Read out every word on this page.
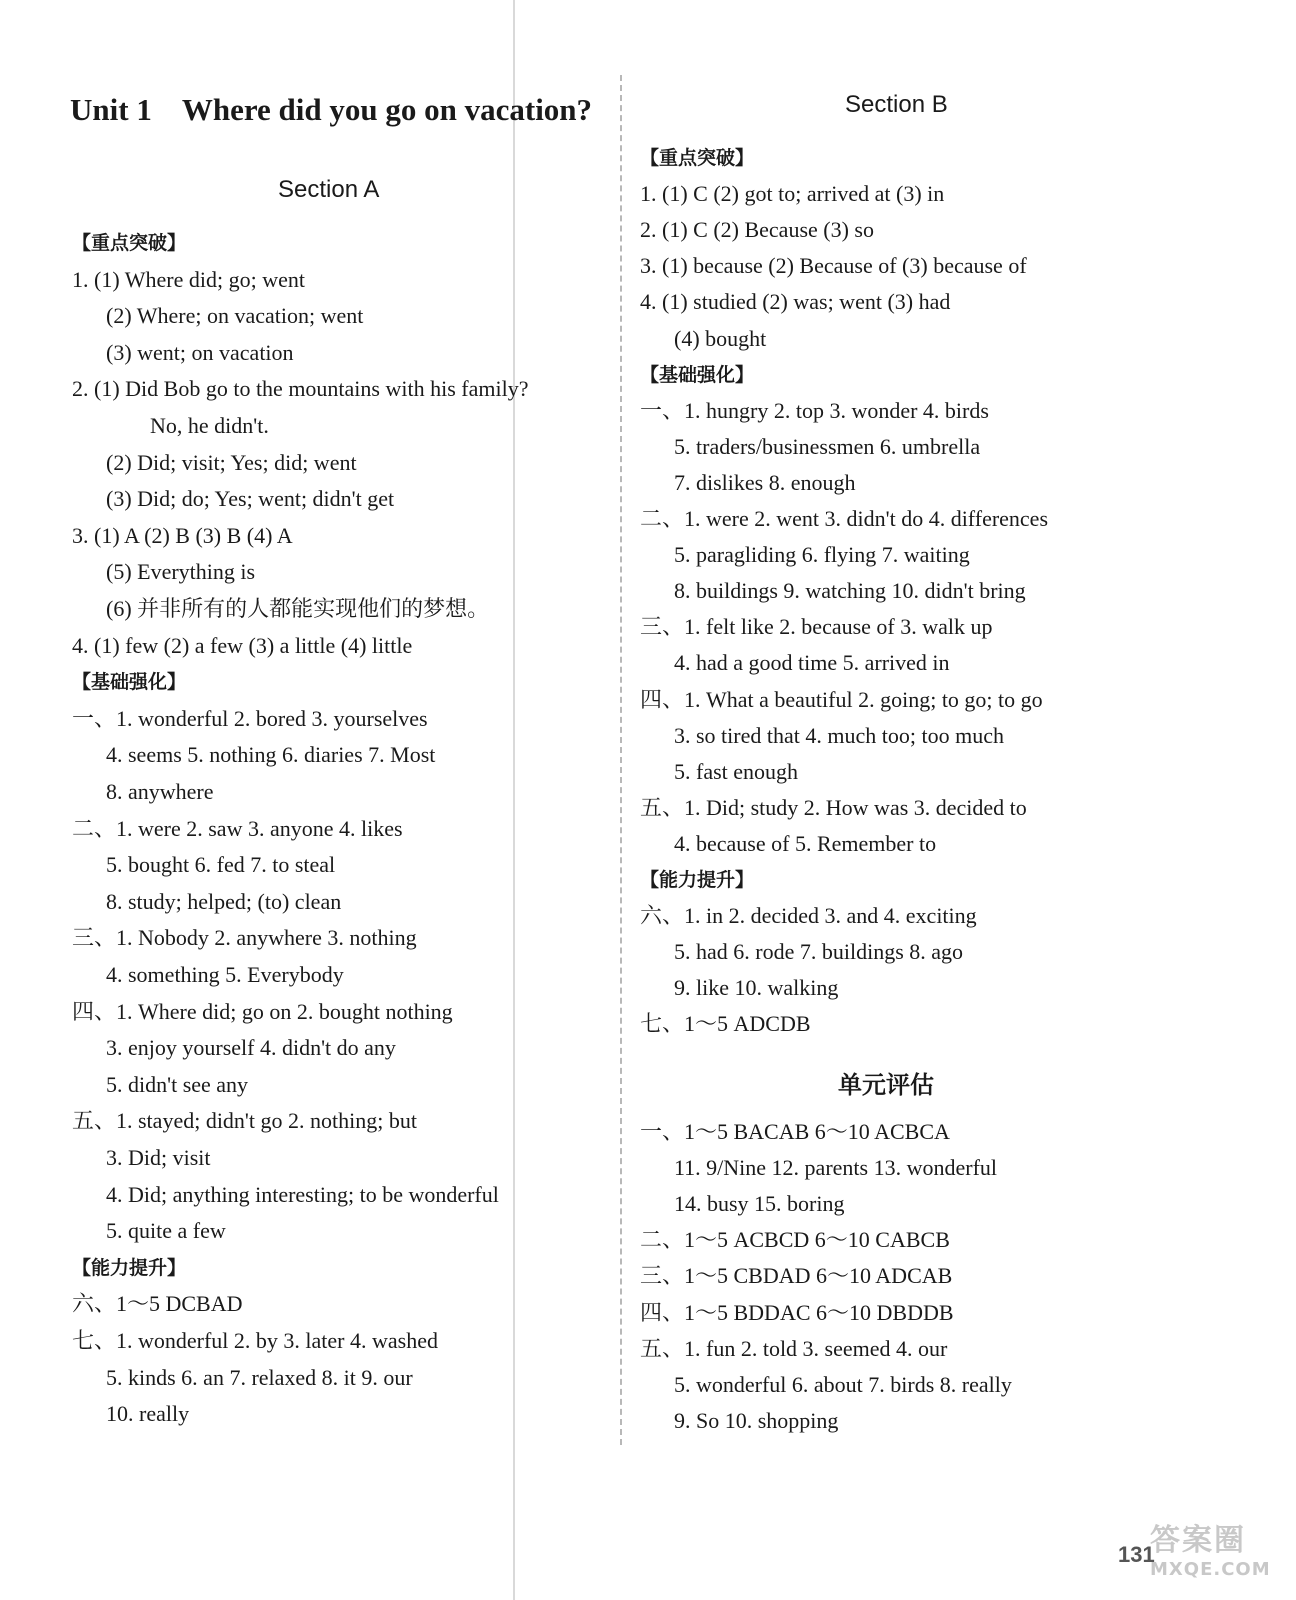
Unit 1 Where did you go on vacation?
Section A
Section B
【重点突破】
1. (1) Where did; go; went
(2) Where; on vacation; went
(3) went; on vacation
2. (1) Did Bob go to the mountains with his family?
No, he didn't.
(2) Did; visit; Yes; did; went
(3) Did; do; Yes; went; didn't get
3. (1) A (2) B (3) B (4) A
(5) Everything is
(6) 并非所有的人都能实现他们的梦想。
4. (1) few (2) a few (3) a little (4) little
【基础强化】
一、1. wonderful 2. bored 3. yourselves
4. seems 5. nothing 6. diaries 7. Most
8. anywhere
二、1. were 2. saw 3. anyone 4. likes
5. bought 6. fed 7. to steal
8. study; helped; (to) clean
三、1. Nobody 2. anywhere 3. nothing
4. something 5. Everybody
四、1. Where did; go on 2. bought nothing
3. enjoy yourself 4. didn't do any
5. didn't see any
五、1. stayed; didn't go 2. nothing; but
3. Did; visit
4. Did; anything interesting; to be wonderful
5. quite a few
【能力提升】
六、1～5 DCBAD
七、1. wonderful 2. by 3. later 4. washed
5. kinds 6. an 7. relaxed 8. it 9. our
10. really
【重点突破】
1. (1) C (2) got to; arrived at (3) in
2. (1) C (2) Because (3) so
3. (1) because (2) Because of (3) because of
4. (1) studied (2) was; went (3) had
(4) bought
【基础强化】
一、1. hungry 2. top 3. wonder 4. birds
5. traders/businessmen 6. umbrella
7. dislikes 8. enough
二、1. were 2. went 3. didn't do 4. differences
5. paragliding 6. flying 7. waiting
8. buildings 9. watching 10. didn't bring
三、1. felt like 2. because of 3. walk up
4. had a good time 5. arrived in
四、1. What a beautiful 2. going; to go; to go
3. so tired that 4. much too; too much
5. fast enough
五、1. Did; study 2. How was 3. decided to
4. because of 5. Remember to
【能力提升】
六、1. in 2. decided 3. and 4. exciting
5. had 6. rode 7. buildings 8. ago
9. like 10. walking
七、1～5 ADCDB
单元评估
一、1～5 BACAB 6～10 ACBCA
11. 9/Nine 12. parents 13. wonderful
14. busy 15. boring
二、1～5 ACBCD 6～10 CABCB
三、1～5 CBDAD 6～10 ADCAB
四、1～5 BDDAC 6～10 DBDDB
五、1. fun 2. told 3. seemed 4. our
5. wonderful 6. about 7. birds 8. really
9. So 10. shopping
131
答案圈
MXQE.COM
